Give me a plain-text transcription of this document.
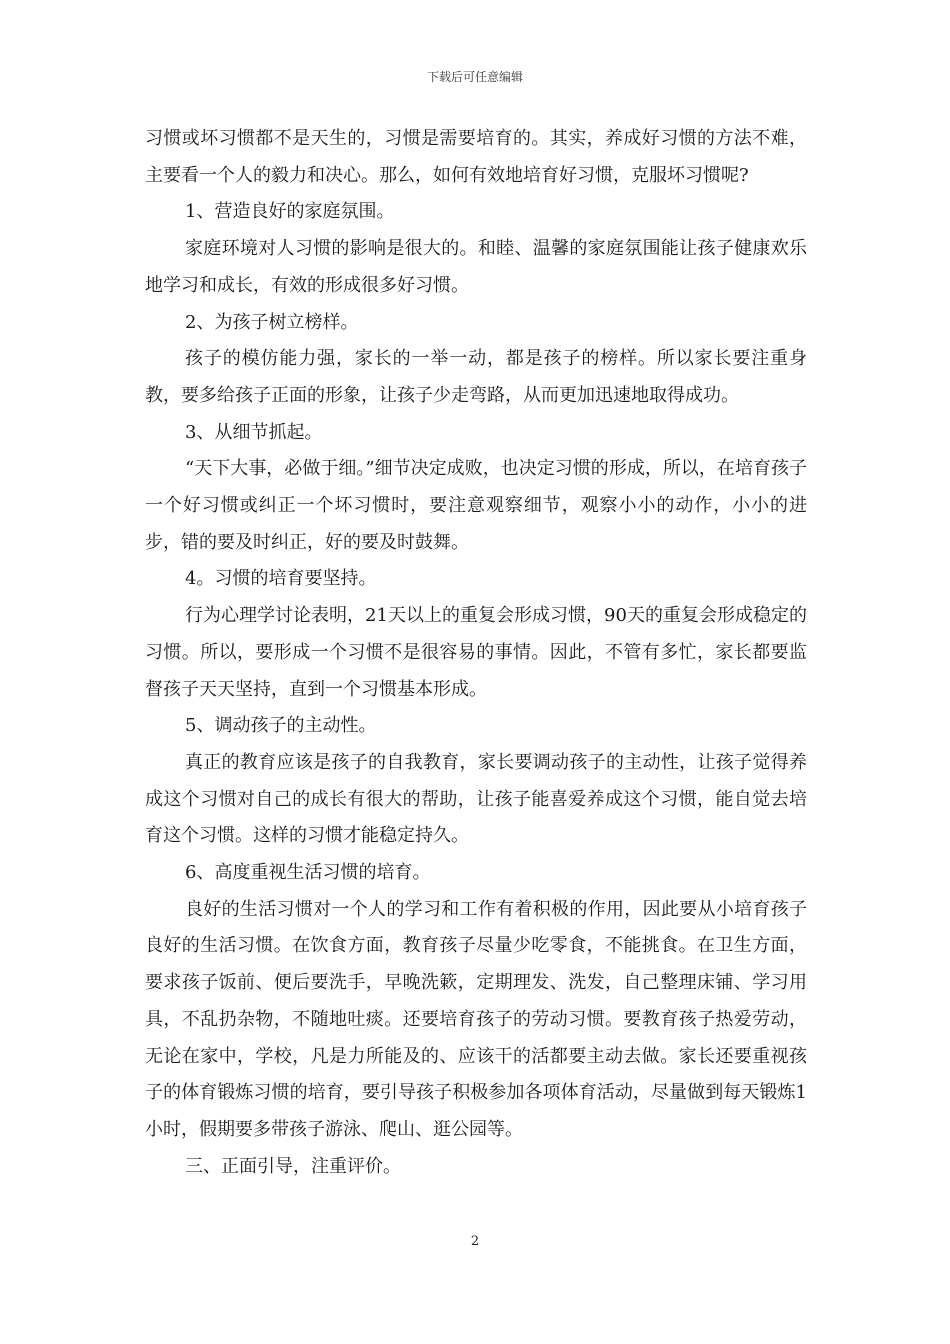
下载后可任意编辑

习惯或坏习惯都不是天生的，习惯是需要培育的。其实，养成好习惯的方法不难，主要看一个人的毅力和决心。那么，如何有效地培育好习惯，克服坏习惯呢?

1、营造良好的家庭氛围。

家庭环境对人习惯的影响是很大的。和睦、温馨的家庭氛围能让孩子健康欢乐地学习和成长，有效的形成很多好习惯。

2、为孩子树立榜样。

孩子的模仿能力强，家长的一举一动，都是孩子的榜样。所以家长要注重身教，要多给孩子正面的形象，让孩子少走弯路，从而更加迅速地取得成功。

3、从细节抓起。

“天下大事，必做于细。”细节决定成败，也决定习惯的形成，所以，在培育孩子一个好习惯或纠正一个坏习惯时，要注意观察细节，观察小小的动作，小小的进步，错的要及时纠正，好的要及时鼓舞。

4。习惯的培育要坚持。

行为心理学讨论表明，21天以上的重复会形成习惯，90天的重复会形成稳定的习惯。所以，要形成一个习惯不是很容易的事情。因此，不管有多忙，家长都要监督孩子天天坚持，直到一个习惯基本形成。

5、调动孩子的主动性。

真正的教育应该是孩子的自我教育，家长要调动孩子的主动性，让孩子觉得养成这个习惯对自己的成长有很大的帮助，让孩子能喜爱养成这个习惯，能自觉去培育这个习惯。这样的习惯才能稳定持久。

6、高度重视生活习惯的培育。

良好的生活习惯对一个人的学习和工作有着积极的作用，因此要从小培育孩子良好的生活习惯。在饮食方面，教育孩子尽量少吃零食，不能挑食。在卫生方面，要求孩子饭前、便后要洗手，早晚洗簌，定期理发、洗发，自己整理床铺、学习用具，不乱扔杂物，不随地吐痰。还要培育孩子的劳动习惯。要教育孩子热爱劳动，无论在家中，学校，凡是力所能及的、应该干的活都要主动去做。家长还要重视孩子的体育锻炼习惯的培育，要引导孩子积极参加各项体育活动，尽量做到每天锻炼1小时，假期要多带孩子游泳、爬山、逛公园等。

三、正面引导，注重评价。

2
